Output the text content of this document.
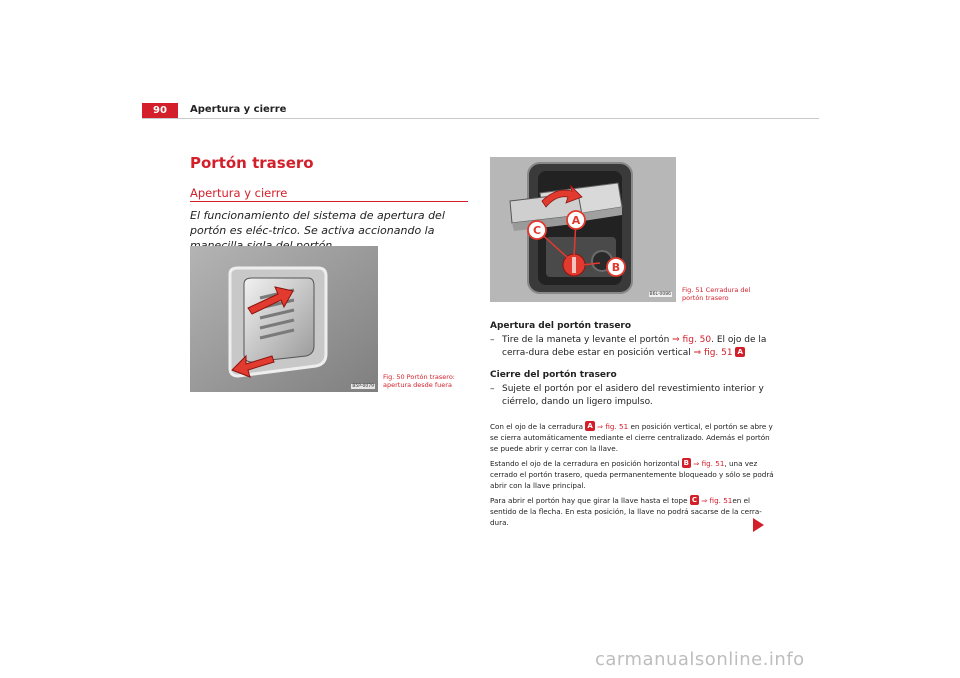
90	Apertura y cierre
Portón trasero
Apertura y cierre
El funcionamiento del sistema de apertura del portón es eléc-trico. Se activa accionando la
B5P-0079
Fig. 50 Portón trasero: apertura desde fuera
A
C
B
B6L-0086
Fig. 51 Cerradura del portón trasero
Apertura del portón trasero
– Tire de la maneta y levante el portón ⇒ fig. 50. El ojo de la cerra-dura debe estar en posición vertical ⇒ fig. 51 A
Cierre del portón trasero
– Sujete el portón por el asidero del revestimiento interior y ciérrelo, dando un ligero impulso.
Con el ojo de la cerradura A ⇒ fig. 51 en posición vertical, el portón se abre y se cierra automáticamente mediante el cierre centralizado. Además el portón se puede abrir y cerrar con la llave.
Estando el ojo de la cerradura en posición horizontal B ⇒ fig. 51, una vez cerrado el portón trasero, queda permanentemente bloqueado y sólo se podrá abrir con la llave principal.
Para abrir el portón hay que girar la llave hasta el tope C ⇒ fig. 51en el sentido de la flecha. En esta posición, la llave no podrá sacarse de la cerra-dura.
carmanualsonline.info
